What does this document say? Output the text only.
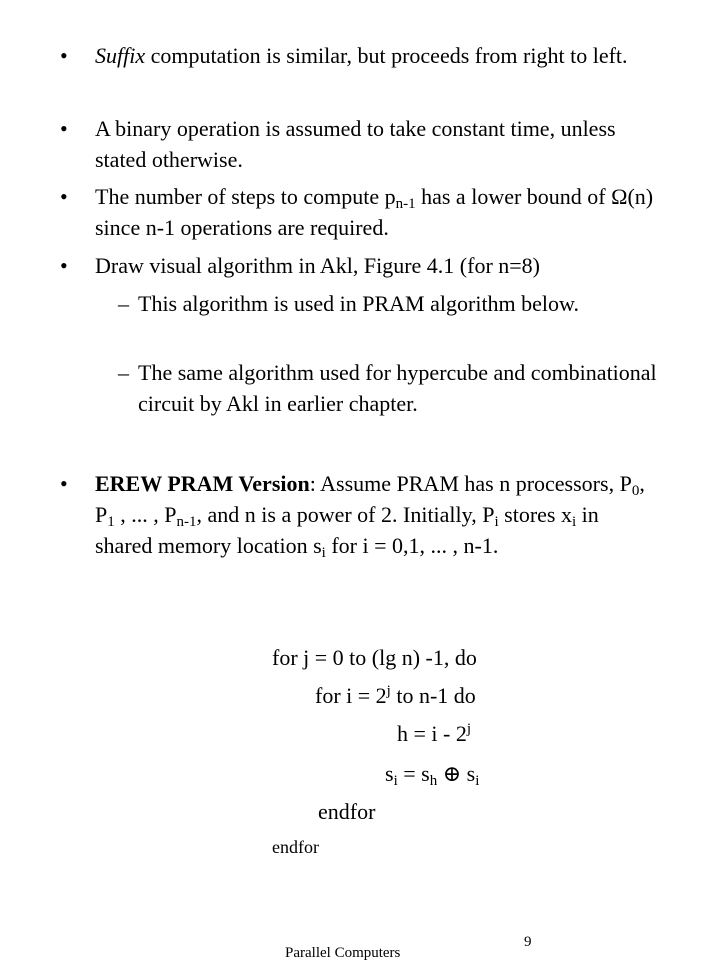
• Suffix computation is similar, but proceeds from right to left.
• A binary operation is assumed to take constant time, unless stated otherwise.
• The number of steps to compute $p_{n-1}$ has a lower bound of Ω(n) since n-1 operations are required.
• Draw visual algorithm in Akl, Figure 4.1 (for n=8)
– This algorithm is used in PRAM algorithm below.
– The same algorithm used for hypercube and combinational circuit by Akl in earlier chapter.
• EREW PRAM Version: Assume PRAM has n processors, $P_0$, $P_1$ , ... , $P_{n-1}$, and n is a power of 2. Initially, $P_i$ stores $x_i$ in shared memory location $s_i$ for i = 0,1, ... , n-1.
for j = 0 to (lg n) -1, do
for $i = 2^j$ to n-1 do
h = i - 2$^j$
$s_i = s_h$ ⊕ $s_i$
endfor
endfor
Parallel Computers
9
